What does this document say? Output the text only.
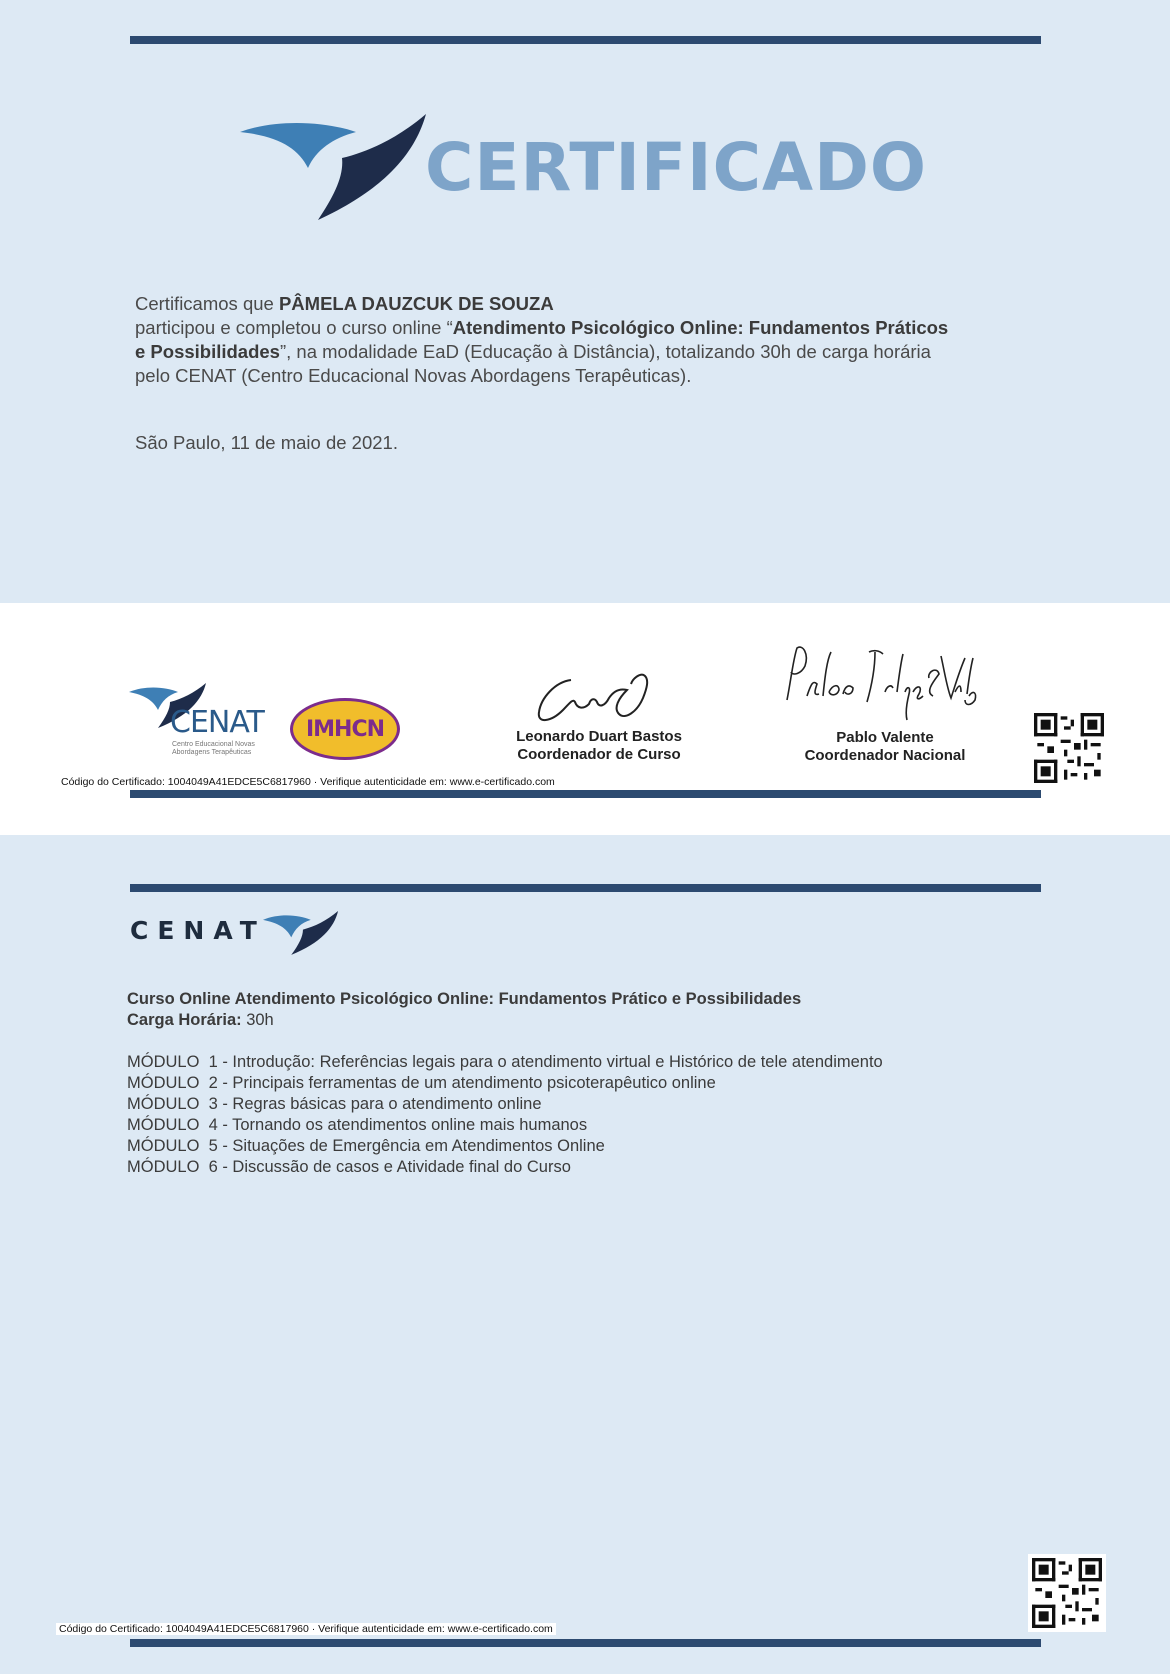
CERTIFICADO
Certificamos que PÂMELA DAUZCUK DE SOUZA
participou e completou o curso online “Atendimento Psicológico Online: Fundamentos Práticos
e Possibilidades”, na modalidade EaD (Educação à Distância), totalizando 30h de carga horária
pelo CENAT (Centro Educacional Novas Abordagens Terapêuticas).
São Paulo, 11 de maio de 2021.
CENAT
Centro Educacional Novas
Abordagens Terapêuticas
IMHCN	Leonardo Duart Bastos
Coordenador de Curso
Pablo Valente
Coordenador Nacional
Código do Certificado: 1004049A41EDCE5C6817960 · Verifique autenticidade em: www.e-certificado.com
CENAT
Curso Online Atendimento Psicológico Online: Fundamentos Prático e Possibilidades
Carga Horária: 30h
MÓDULO  1 - Introdução: Referências legais para o atendimento virtual e Histórico de tele atendimento
MÓDULO  2 - Principais ferramentas de um atendimento psicoterapêutico online
MÓDULO  3 - Regras básicas para o atendimento online
MÓDULO  4 - Tornando os atendimentos online mais humanos
MÓDULO  5 - Situações de Emergência em Atendimentos Online
MÓDULO  6 - Discussão de casos e Atividade final do Curso
Código do Certificado: 1004049A41EDCE5C6817960 · Verifique autenticidade em: www.e-certificado.com
